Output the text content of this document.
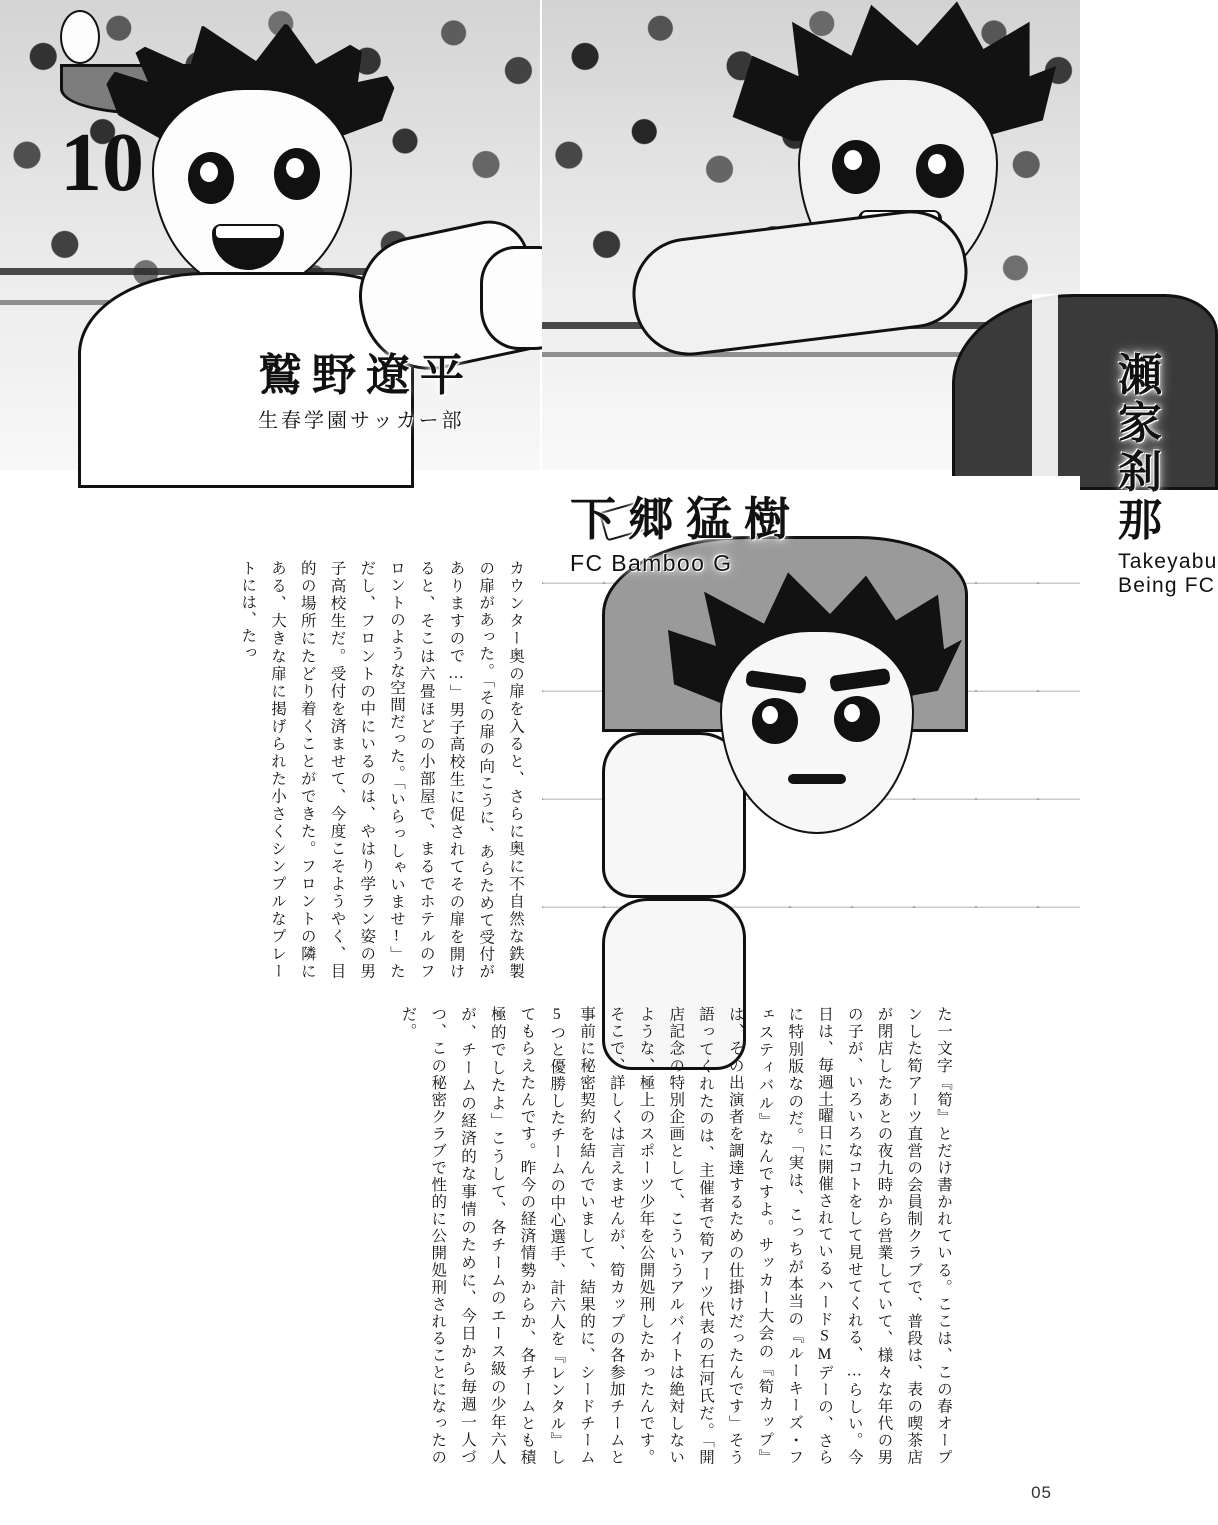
10
鷲野遼平
生春学園サッカー部
瀬家刹那
Takeyabu Being FC
下郷猛樹
FC Bamboo G
カウンター奥の扉を入ると、さらに奥に不自然な鉄製の扉があった。「その扉の向こうに、あらためて受付がありますので…」男子高校生に促されてその扉を開けると、そこは六畳ほどの小部屋で、まるでホテルのフロントのような空間だった。「いらっしゃいませ!」ただし、フロントの中にいるのは、やはり学ラン姿の男子高校生だ。受付を済ませて、今度こそようやく、目的の場所にたどり着くことができた。フロントの隣にある、大きな扉に掲げられた小さくシンプルなプレートには、たっ
た一文字『筍』とだけ書かれている。ここは、この春オープンした筍アーツ直営の会員制クラブで、普段は、表の喫茶店が閉店したあとの夜九時から営業していて、様々な年代の男の子が、いろいろなコトをして見せてくれる、…らしい。今日は、毎週土曜日に開催されているハードSMデーの、さらに特別版なのだ。「実は、こっちが本当の『ルーキーズ・フェスティバル』なんですよ。サッカー大会の『筍カップ』は、その出演者を調達するための仕掛けだったんです」そう語ってくれたのは、主催者で筍アーツ代表の石河氏だ。「開店記念の特別企画として、こういうアルバイトは絶対しないような、極上のスポーツ少年を公開処刑したかったんです。そこで、詳しくは言えませんが、筍カップの各参加チームと事前に秘密契約を結んでいまして、結果的に、シードチーム5つと優勝したチームの中心選手、計六人を『レンタル』してもらえたんです。昨今の経済情勢からか、各チームとも積極的でしたよ」こうして、各チームのエース級の少年六人が、チームの経済的な事情のために、今日から毎週一人づつ、この秘密クラブで性的に公開処刑されることになったのだ。
05
